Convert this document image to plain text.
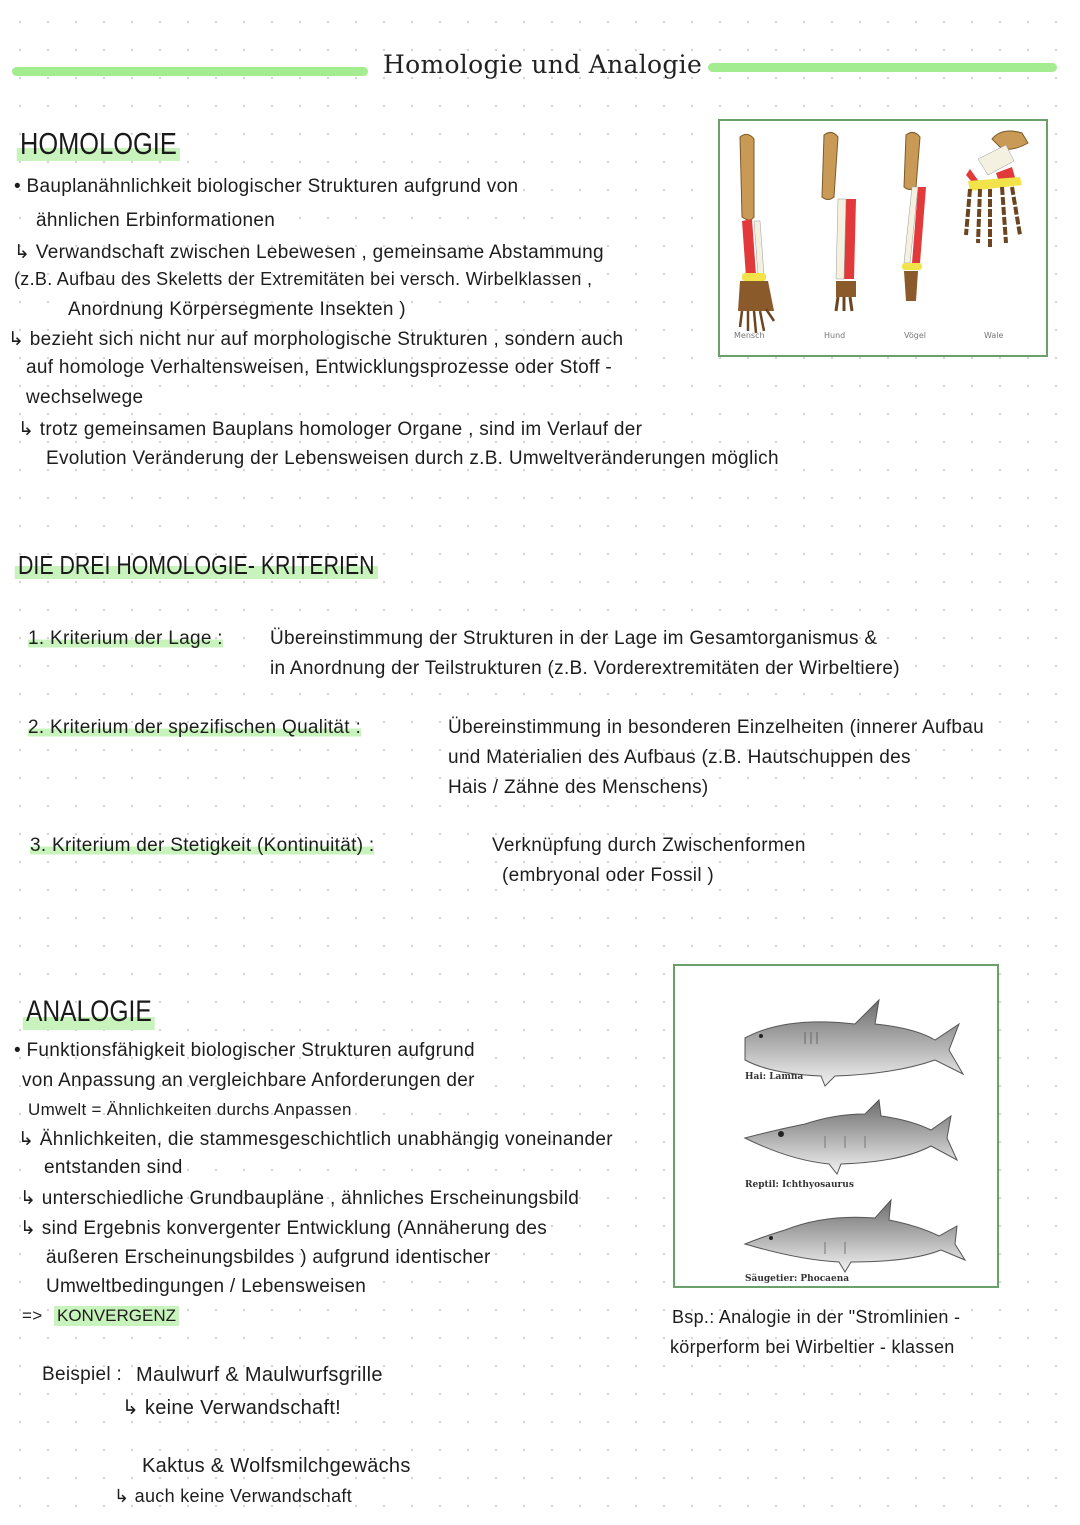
Homologie und Analogie
HOMOLOGIE
• Bauplanähnlichkeit biologischer Strukturen aufgrund von
ähnlichen Erbinformationen
↳ Verwandschaft zwischen Lebewesen , gemeinsame Abstammung
(z.B. Aufbau des Skeletts der Extremitäten bei versch. Wirbelklassen ,
Anordnung Körpersegmente Insekten )
↳ bezieht sich nicht nur auf morphologische Strukturen , sondern auch
auf homologe Verhaltensweisen, Entwicklungsprozesse oder Stoff -
wechselwege
↳ trotz gemeinsamen Bauplans homologer Organe , sind im Verlauf der
Evolution Veränderung der Lebensweisen durch z.B. Umweltveränderungen möglich
Mensch	Hund	Vögel	Wale
DIE DREI HOMOLOGIE- KRITERIEN
1. Kriterium der Lage : Übereinstimmung der Strukturen in der Lage im Gesamtorganismus &
in Anordnung der Teilstrukturen (z.B. Vorderextremitäten der Wirbeltiere)
2. Kriterium der spezifischen Qualität :	Übereinstimmung in besonderen Einzelheiten (innerer Aufbau
und Materialien des Aufbaus (z.B. Hautschuppen des
Hais / Zähne des Menschens)
3. Kriterium der Stetigkeit (Kontinuität) :	Verknüpfung durch Zwischenformen
(embryonal oder Fossil )
ANALOGIE
• Funktionsfähigkeit biologischer Strukturen aufgrund
von Anpassung an vergleichbare Anforderungen der
Umwelt = Ähnlichkeiten durchs Anpassen
↳ Ähnlichkeiten, die stammesgeschichtlich unabhängig voneinander
entstanden sind
↳ unterschiedliche Grundbaupläne , ähnliches Erscheinungsbild
↳ sind Ergebnis konvergenter Entwicklung (Annäherung des
äußeren Erscheinungsbildes ) aufgrund identischer
Umweltbedingungen / Lebensweisen
=> KONVERGENZ
Beispiel : Maulwurf & Maulwurfsgrille
↳ keine Verwandschaft!
Kaktus & Wolfsmilchgewächs
↳ auch keine Verwandschaft
Hai: Lamna
Reptil: Ichthyosaurus
Säugetier: Phocaena
Bsp.: Analogie in der "Stromlinien -
körperform bei Wirbeltier - klassen
